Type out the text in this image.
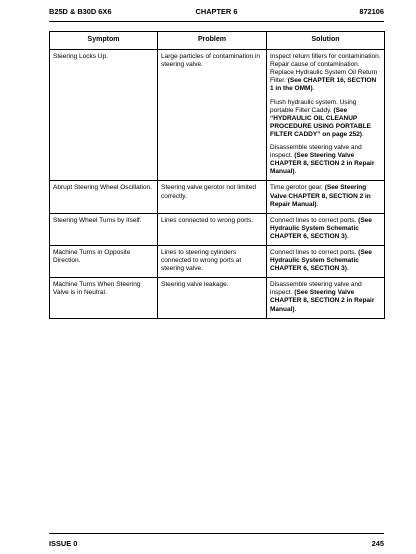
B25D & B30D 6X6	CHAPTER 6	872106
Symptom	Problem	Solution
Steering Locks Up.	Large particles of contamination in steering valve.	Inspect return filters for contamination. Repair cause of contamination. Replace Hydraulic System Oil Return Filter. (See CHAPTER 16, SECTION 1 in the OMM).

Flush hydraulic system. Using portable Filter Caddy. (See “HYDRAULIC OIL CLEANUP PROCEDURE USING PORTABLE FILTER CADDY” on page 252).

Disassemble steering valve and inspect. (See Steering Valve CHAPTER 8, SECTION 2 in Repair Manual).

Abrupt Steering Wheel Oscillation.	Steering valve gerotor not limited correctly.	Time gerotor gear. (See Steering Valve CHAPTER 8, SECTION 2 in Repair Manual).

Steering Wheel Turns by Itself.	Lines connected to wrong ports.	Connect lines to correct ports. (See Hydraulic System Schematic CHAPTER 6, SECTION 3).

Machine Turns in Opposite Direction.	Lines to steering cylinders connected to wrong ports at steering valve.	Connect lines to correct ports. (See Hydraulic System Schematic CHAPTER 6, SECTION 3).

Machine Turns When Steering Valve is in Neutral.	Steering valve leakage.	Disassemble steering valve and inspect. (See Steering Valve CHAPTER 8, SECTION 2 in Repair Manual).

ISSUE 0	245
